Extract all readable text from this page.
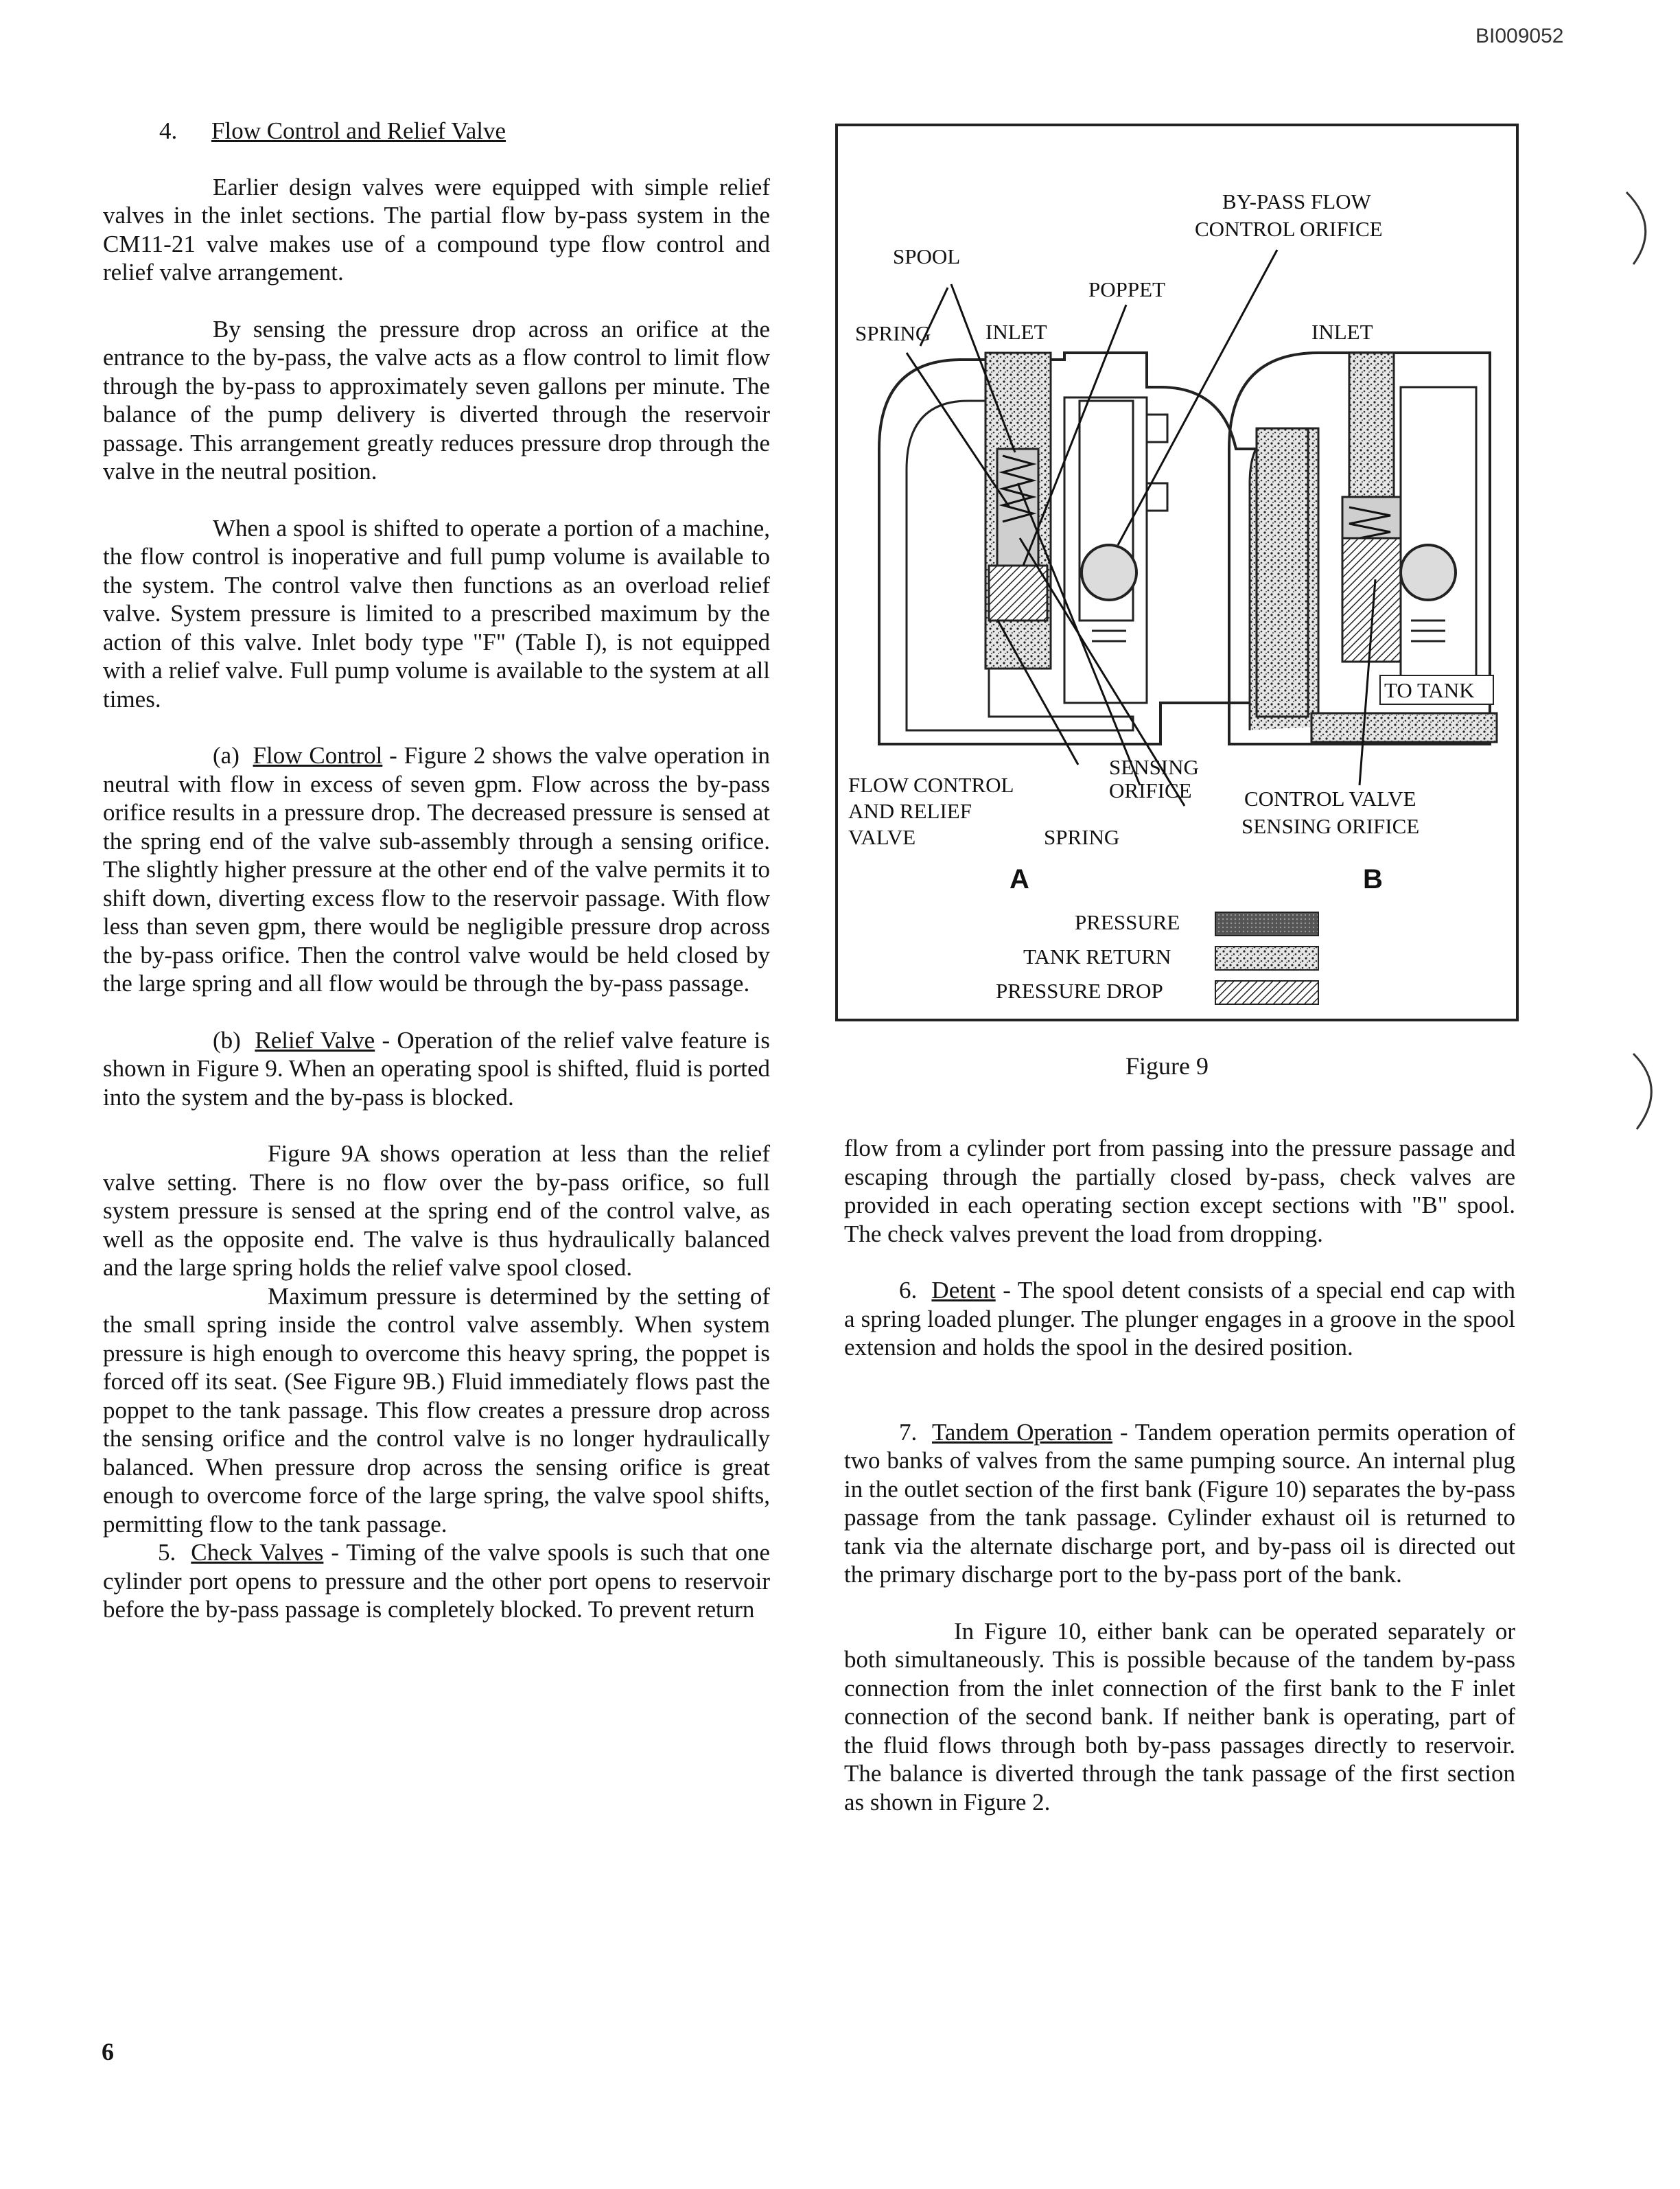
BI009052

4. Flow Control and Relief Valve

Earlier design valves were equipped with simple relief valves in the inlet sections. The partial flow by-pass system in the CM11-21 valve makes use of a compound type flow control and relief valve arrangement.

By sensing the pressure drop across an orifice at the entrance to the by-pass, the valve acts as a flow control to limit flow through the by-pass to approximately seven gallons per minute. The balance of the pump delivery is diverted through the reservoir passage. This arrangement greatly reduces pressure drop through the valve in the neutral position.

When a spool is shifted to operate a portion of a machine, the flow control is inoperative and full pump volume is available to the system. The control valve then functions as an overload relief valve. System pressure is limited to a prescribed maximum by the action of this valve. Inlet body type "F" (Table I), is not equipped with a relief valve. Full pump volume is available to the system at all times.

(a) Flow Control - Figure 2 shows the valve operation in neutral with flow in excess of seven gpm. Flow across the by-pass orifice results in a pressure drop. The decreased pressure is sensed at the spring end of the valve sub-assembly through a sensing orifice. The slightly higher pressure at the other end of the valve permits it to shift down, diverting excess flow to the reservoir passage. With flow less than seven gpm, there would be negligible pressure drop across the by-pass orifice. Then the control valve would be held closed by the large spring and all flow would be through the by-pass passage.

(b) Relief Valve - Operation of the relief valve feature is shown in Figure 9. When an operating spool is shifted, fluid is ported into the system and the by-pass is blocked.

Figure 9A shows operation at less than the relief valve setting. There is no flow over the by-pass orifice, so full system pressure is sensed at the spring end of the control valve, as well as the opposite end. The valve is thus hydraulically balanced and the large spring holds the relief valve spool closed.

Maximum pressure is determined by the setting of the small spring inside the control valve assembly. When system pressure is high enough to overcome this heavy spring, the poppet is forced off its seat. (See Figure 9B.) Fluid immediately flows past the poppet to the tank passage. This flow creates a pressure drop across the sensing orifice and the control valve is no longer hydraulically balanced. When pressure drop across the sensing orifice is great enough to overcome force of the large spring, the valve spool shifts, permitting flow to the tank passage.

5. Check Valves - Timing of the valve spools is such that one cylinder port opens to pressure and the other port opens to reservoir before the by-pass passage is completely blocked. To prevent return

BY-PASS FLOW
CONTROL ORIFICE
SPOOL
POPPET
SPRING	INLET	INLET
TO TANK
FLOW CONTROL
AND RELIEF
VALVE
SENSING
ORIFICE
SPRING
CONTROL VALVE
SENSING ORIFICE
A	B
PRESSURE
TANK RETURN
PRESSURE DROP
Figure 9

flow from a cylinder port from passing into the pressure passage and escaping through the partially closed by-pass, check valves are provided in each operating section except sections with "B" spool. The check valves prevent the load from dropping.

6. Detent - The spool detent consists of a special end cap with a spring loaded plunger. The plunger engages in a groove in the spool extension and holds the spool in the desired position.

7. Tandem Operation - Tandem operation permits operation of two banks of valves from the same pumping source. An internal plug in the outlet section of the first bank (Figure 10) separates the by-pass passage from the tank passage. Cylinder exhaust oil is returned to tank via the alternate discharge port, and by-pass oil is directed out the primary discharge port to the by-pass port of the bank.

In Figure 10, either bank can be operated separately or both simultaneously. This is possible because of the tandem by-pass connection from the inlet connection of the first bank to the F inlet connection of the second bank. If neither bank is operating, part of the fluid flows through both by-pass passages directly to reservoir. The balance is diverted through the tank passage of the first section as shown in Figure 2.

6
